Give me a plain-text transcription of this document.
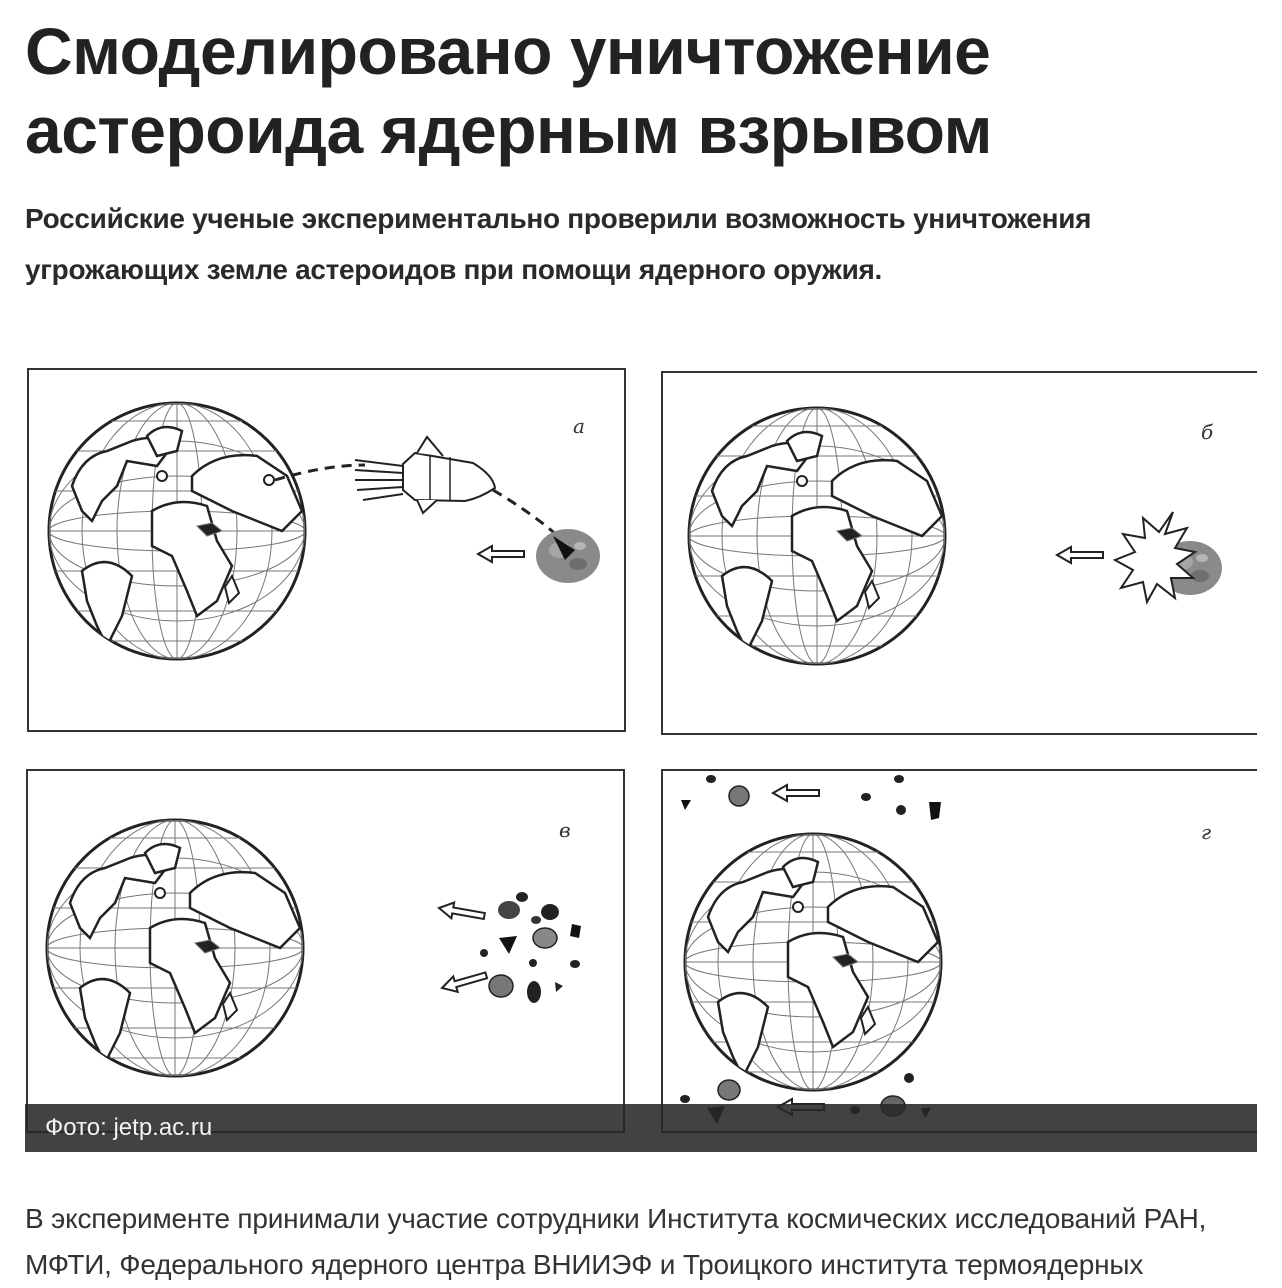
Смоделировано уничтожение астероида ядерным взрывом

Российские ученые экспериментально проверили возможность уничтожения угрожающих земле астероидов при помощи ядерного оружия.

а	б
в	г
Фото: jetp.ac.ru

В эксперименте принимали участие сотрудники Института космических исследований РАН, МФТИ, Федерального ядерного центра ВНИИЭФ и Троицкого института термоядерных
